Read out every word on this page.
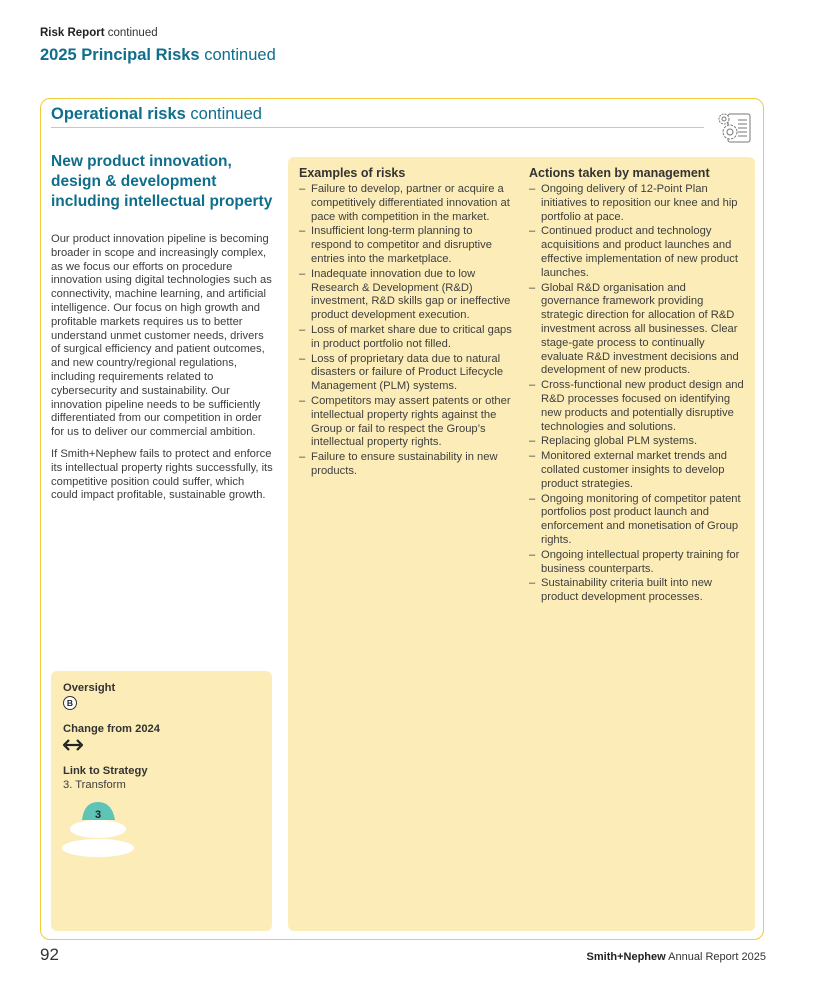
Risk Report continued
2025 Principal Risks continued
Operational risks continued
New product innovation, design & development including intellectual property

Our product innovation pipeline is becoming broader in scope and increasingly complex, as we focus our efforts on procedure innovation using digital technologies such as connectivity, machine learning, and artificial intelligence. Our focus on high growth and profitable markets requires us to better understand unmet customer needs, drivers of surgical efficiency and patient outcomes, and new country/regional regulations, including requirements related to cybersecurity and sustainability. Our innovation pipeline needs to be sufficiently differentiated from our competition in order for us to deliver our commercial ambition.

If Smith+Nephew fails to protect and enforce its intellectual property rights successfully, its competitive position could suffer, which could impact profitable, sustainable growth.

Oversight
B
Change from 2024
Link to Strategy
3. Transform
3
Examples of risks
– Failure to develop, partner or acquire a competitively differentiated innovation at pace with competition in the market.
– Insufficient long-term planning to respond to competitor and disruptive entries into the marketplace.
– Inadequate innovation due to low Research & Development (R&D) investment, R&D skills gap or ineffective product development execution.
– Loss of market share due to critical gaps in product portfolio not filled.
– Loss of proprietary data due to natural disasters or failure of Product Lifecycle Management (PLM) systems.
– Competitors may assert patents or other intellectual property rights against the Group or fail to respect the Group’s intellectual property rights.
– Failure to ensure sustainability in new products.
Actions taken by management
– Ongoing delivery of 12-Point Plan initiatives to reposition our knee and hip portfolio at pace.
– Continued product and technology acquisitions and product launches and effective implementation of new product launches.
– Global R&D organisation and governance framework providing strategic direction for allocation of R&D investment across all businesses. Clear stage-gate process to continually evaluate R&D investment decisions and development of new products.
– Cross-functional new product design and R&D processes focused on identifying new products and potentially disruptive technologies and solutions.
– Replacing global PLM systems.
– Monitored external market trends and collated customer insights to develop product strategies.
– Ongoing monitoring of competitor patent portfolios post product launch and enforcement and monetisation of Group rights.
– Ongoing intellectual property training for business counterparts.
– Sustainability criteria built into new product development processes.
92	Smith+Nephew Annual Report 2025
